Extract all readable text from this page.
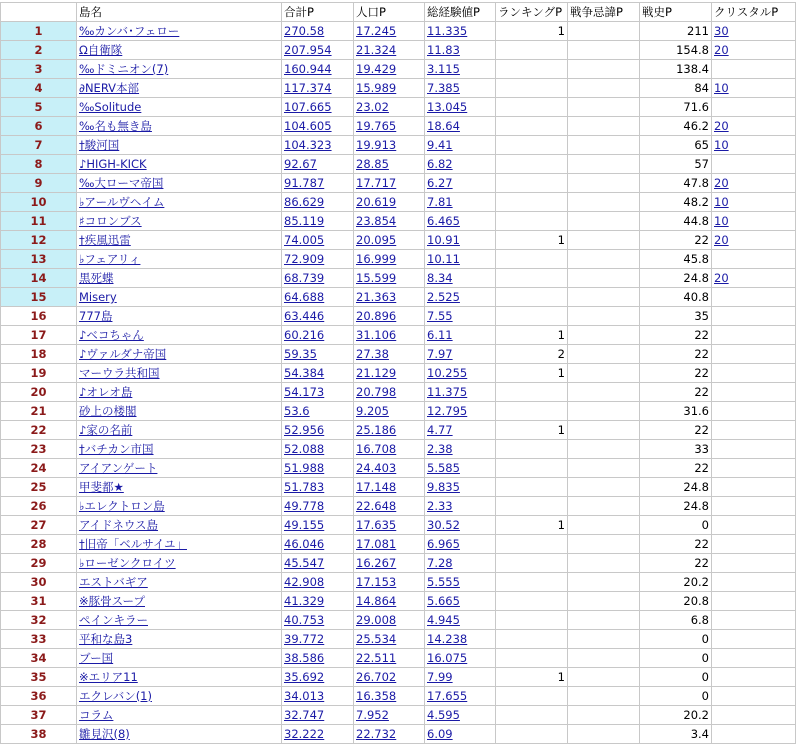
	島名	合計P	人口P	総経験値P	ランキングP	戦争忌諱P	戦史P	クリスタルP
1	‰カンバ･フェロー	270.58	17.245	11.335	1		211	30
2	Ω自衛隊	207.954	21.324	11.83			154.8	20
3	‰ドミニオン(7)	160.944	19.429	3.115			138.4	
4	∂NERV本部	117.374	15.989	7.385			84	10
5	‰Solitude	107.665	23.02	13.045			71.6	
6	‰名も無き島	104.605	19.765	18.64			46.2	20
7	†駿河国	104.323	19.913	9.41			65	10
8	♪HIGH-KICK	92.67	28.85	6.82			57	
9	‰大ローマ帝国	91.787	17.717	6.27			47.8	20
10	♭アールヴヘイム	86.629	20.619	7.81			48.2	10
11	♯コロンブス	85.119	23.854	6.465			44.8	10
12	†疾風迅雷	74.005	20.095	10.91	1		22	20
13	♭フェアリィ	72.909	16.999	10.11			45.8	
14	黒死蝶	68.739	15.599	8.34			24.8	20
15	Misery	64.688	21.363	2.525			40.8	
16	777島	63.446	20.896	7.55			35	
17	♪ベコちゃん	60.216	31.106	6.11	1		22	
18	♪ヴァルダナ帝国	59.35	27.38	7.97	2		22	
19	マーウラ共和国	54.384	21.129	10.255	1		22	
20	♪オレオ島	54.173	20.798	11.375			22	
21	砂上の楼閣	53.6	9.205	12.795			31.6	
22	♪家の名前	52.956	25.186	4.77	1		22	
23	†バチカン市国	52.088	16.708	2.38			33	
24	アイアンゲート	51.988	24.403	5.585			22	
25	甲斐都★	51.783	17.148	9.835			24.8	
26	♭エレクトロン島	49.778	22.648	2.33			24.8	
27	アイドネウス島	49.155	17.635	30.52	1		0	
28	†旧帝「ベルサイユ」	46.046	17.081	6.965			22	
29	♭ローゼンクロイツ	45.547	16.267	7.28			22	
30	エストバギア	42.908	17.153	5.555			20.2	
31	※豚骨スープ	41.329	14.864	5.665			20.8	
32	ペインキラー	40.753	29.008	4.945			6.8	
33	平和な島3	39.772	25.534	14.238			0	
34	ブー国	38.586	22.511	16.075			0	
35	※エリア11	35.692	26.702	7.99	1		0	
36	エクレバン(1)	34.013	16.358	17.655			0	
37	コラム	32.747	7.952	4.595			20.2	
38	雛見沢(8)	32.222	22.732	6.09			3.4	
